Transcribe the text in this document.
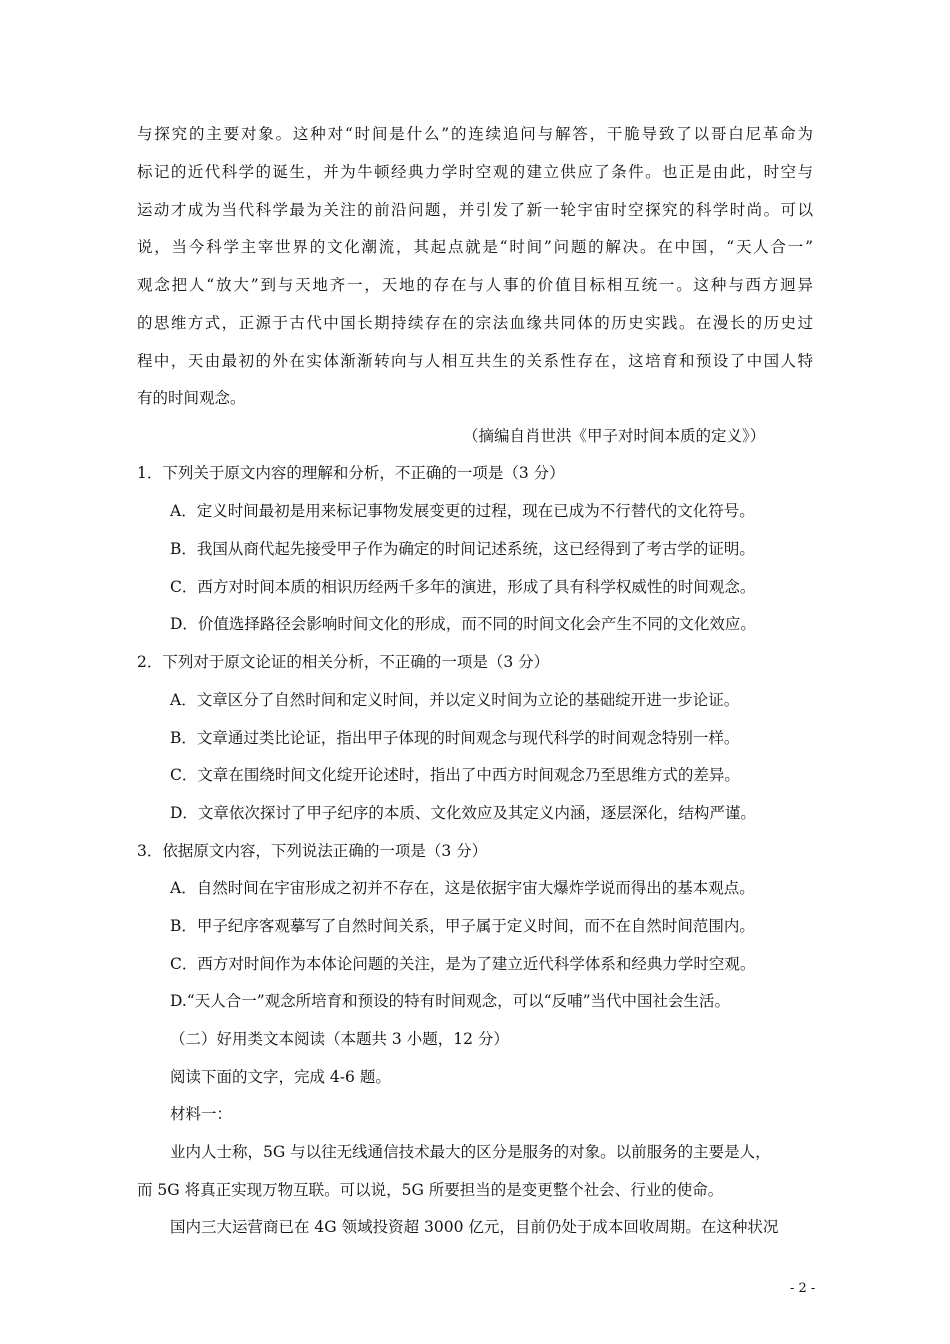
与探究的主要对象。这种对“时间是什么”的连续追问与解答，干脆导致了以哥白尼革命为
标记的近代科学的诞生，并为牛顿经典力学时空观的建立供应了条件。也正是由此，时空与
运动才成为当代科学最为关注的前沿问题，并引发了新一轮宇宙时空探究的科学时尚。可以
说，当今科学主宰世界的文化潮流，其起点就是“时间”问题的解决。在中国，“天人合一”
观念把人“放大”到与天地齐一，天地的存在与人事的价值目标相互统一。这种与西方迥异
的思维方式，正源于古代中国长期持续存在的宗法血缘共同体的历史实践。在漫长的历史过
程中，天由最初的外在实体渐渐转向与人相互共生的关系性存在，这培育和预设了中国人特
有的时间观念。
（摘编自肖世洪《甲子对时间本质的定义》）
1．下列关于原文内容的理解和分析，不正确的一项是（3 分）
A．定义时间最初是用来标记事物发展变更的过程，现在已成为不行替代的文化符号。
B．我国从商代起先接受甲子作为确定的时间记述系统，这已经得到了考古学的证明。
C．西方对时间本质的相识历经两千多年的演进，形成了具有科学权威性的时间观念。
D．价值选择路径会影响时间文化的形成，而不同的时间文化会产生不同的文化效应。
2．下列对于原文论证的相关分析，不正确的一项是（3 分）
A．文章区分了自然时间和定义时间，并以定义时间为立论的基础绽开进一步论证。
B．文章通过类比论证，指出甲子体现的时间观念与现代科学的时间观念特别一样。
C．文章在围绕时间文化绽开论述时，指出了中西方时间观念乃至思维方式的差异。
D．文章依次探讨了甲子纪序的本质、文化效应及其定义内涵，逐层深化，结构严谨。
3．依据原文内容，下列说法正确的一项是（3 分）
A．自然时间在宇宙形成之初并不存在，这是依据宇宙大爆炸学说而得出的基本观点。
B．甲子纪序客观摹写了自然时间关系，甲子属于定义时间，而不在自然时间范围内。
C．西方对时间作为本体论问题的关注，是为了建立近代科学体系和经典力学时空观。
D.“天人合一”观念所培育和预设的特有时间观念，可以“反哺”当代中国社会生活。
（二）好用类文本阅读（本题共 3 小题，12 分）
阅读下面的文字，完成 4-6 题。
材料一：
业内人士称，5G 与以往无线通信技术最大的区分是服务的对象。以前服务的主要是人，
而 5G 将真正实现万物互联。可以说，5G 所要担当的是变更整个社会、行业的使命。
国内三大运营商已在 4G 领域投资超 3000 亿元，目前仍处于成本回收周期。在这种状况
- 2 -
